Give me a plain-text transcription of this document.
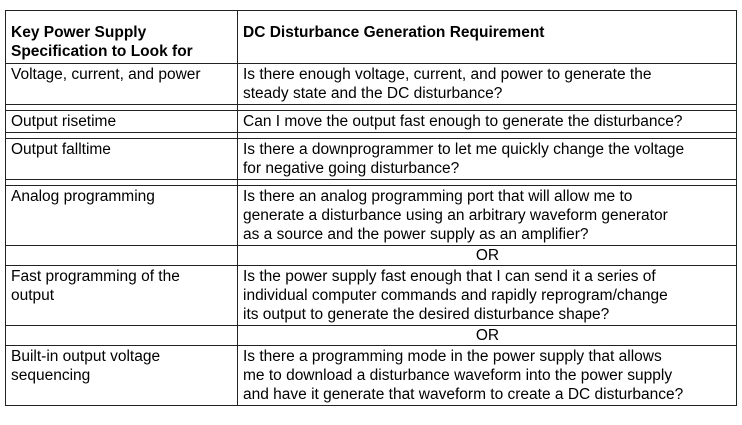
Key Power Supply
Specification to Look for	DC Disturbance Generation Requirement
Voltage, current, and power	Is there enough voltage, current, and power to generate the
steady state and the DC disturbance?

Output risetime	Can I move the output fast enough to generate the disturbance?

Output falltime	Is there a downprogrammer to let me quickly change the voltage
for negative going disturbance?

Analog programming	Is there an analog programming port that will allow me to
generate a disturbance using an arbitrary waveform generator
as a source and the power supply as an amplifier?
	OR
Fast programming of the
output	Is the power supply fast enough that I can send it a series of
individual computer commands and rapidly reprogram/change
its output to generate the desired disturbance shape?
	OR
Built-in output voltage
sequencing	Is there a programming mode in the power supply that allows
me to download a disturbance waveform into the power supply
and have it generate that waveform to create a DC disturbance?
